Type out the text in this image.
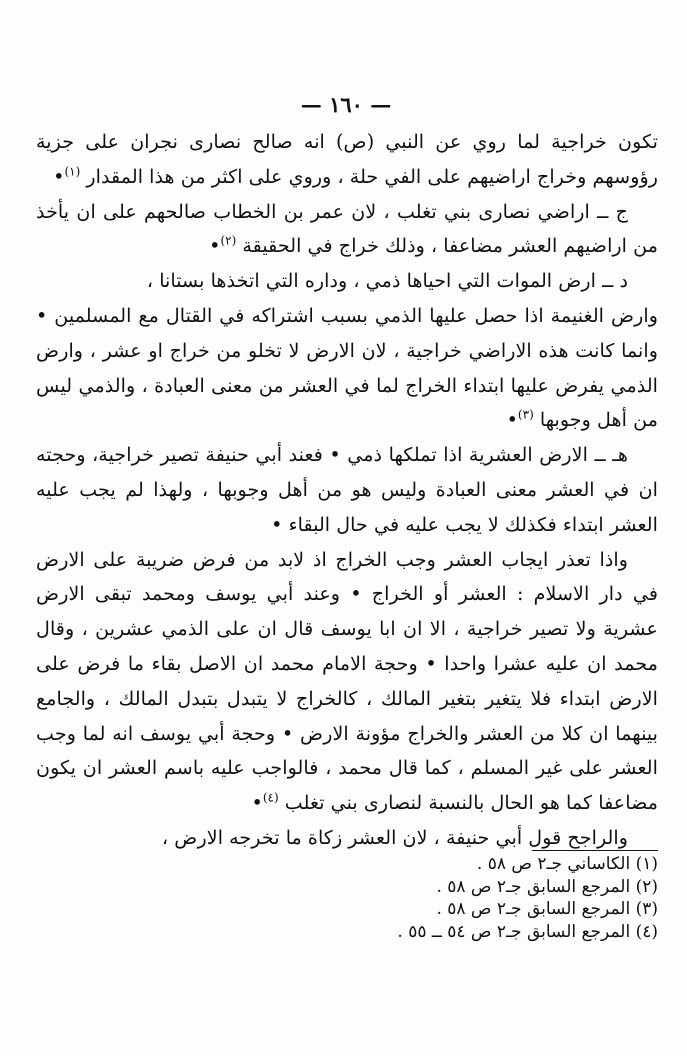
— ١٦٠ —

تكون خراجية لما روي عن النبي (ص) انه صالح نصارى نجران على جزية رؤوسهم وخراج اراضيهم على الفي حلة ، وروي على اكثر من هذا المقدار $^{(١)}$•

ج ــ اراضي نصارى بني تغلب ، لان عمر بن الخطاب صالحهم على ان يأخذ من اراضيهم العشر مضاعفا ، وذلك خراج في الحقيقة $^{(٢)}$•

د ــ ارض الموات التي احياها ذمي ، وداره التي اتخذها بستانا ،

وارض الغنيمة اذا حصل عليها الذمي بسبب اشتراكه في القتال مع المسلمين • وانما كانت هذه الاراضي خراجية ، لان الارض لا تخلو من خراج او عشر ، وارض الذمي يفرض عليها ابتداء الخراج لما في العشر من معنى العبادة ، والذمي ليس من أهل وجوبها $^{(٣)}$•

هـ ــ الارض العشرية اذا تملكها ذمي • فعند أبي حنيفة تصير خراجية، وحجته ان في العشر معنى العبادة وليس هو من أهل وجوبها ، ولهذا لم يجب عليه العشر ابتداء فكذلك لا يجب عليه في حال البقاء •

واذا تعذر ايجاب العشر وجب الخراج اذ لابد من فرض ضريبة على الارض في دار الاسلام : العشر أو الخراج • وعند أبي يوسف ومحمد تبقى الارض عشرية ولا تصير خراجية ، الا ان ابا يوسف قال ان على الذمي عشرين ، وقال محمد ان عليه عشرا واحدا • وحجة الامام محمد ان الاصل بقاء ما فرض على الارض ابتداء فلا يتغير بتغير المالك ، كالخراج لا يتبدل بتبدل المالك ، والجامع بينهما ان كلا من العشر والخراج مؤونة الارض • وحجة أبي يوسف انه لما وجب العشر على غير المسلم ، كما قال محمد ، فالواجب عليه باسم العشر ان يكون مضاعفا كما هو الحال بالنسبة لنصارى بني تغلب $^{(٤)}$•

والراجح قول أبي حنيفة ، لان العشر زكاة ما تخرجه الارض ،

(١) الكاساني جـ٢ ص ٥٨ .
(٢) المرجع السابق جـ٢ ص ٥٨ .
(٣) المرجع السابق جـ٢ ص ٥٨ .
(٤) المرجع السابق جـ٢ ص ٥٤ ــ ٥٥ .
